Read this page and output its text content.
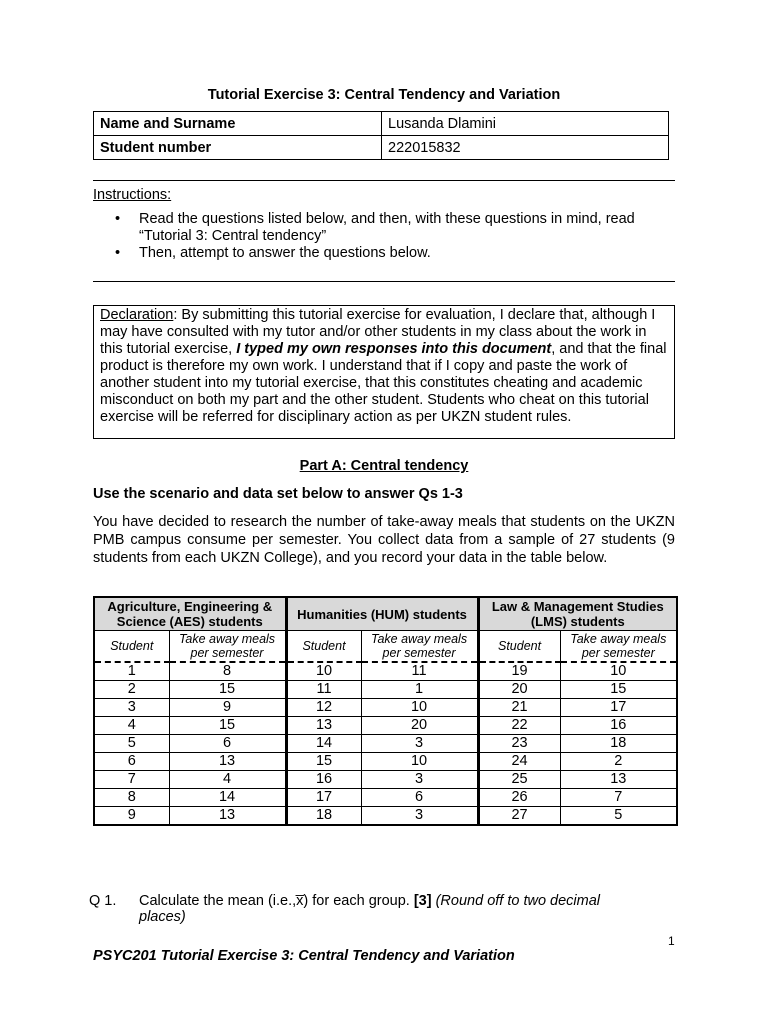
Tutorial Exercise 3: Central Tendency and Variation
Name and Surname	Lusanda Dlamini
Student number	222015832
Instructions:
• Read the questions listed below, and then, with these questions in mind, read “Tutorial 3: Central tendency”
• Then, attempt to answer the questions below.
Declaration: By submitting this tutorial exercise for evaluation, I declare that, although I may have consulted with my tutor and/or other students in my class about the work in this tutorial exercise, I typed my own responses into this document, and that the final product is therefore my own work. I understand that if I copy and paste the work of another student into my tutorial exercise, that this constitutes cheating and academic misconduct on both my part and the other student. Students who cheat on this tutorial exercise will be referred for disciplinary action as per UKZN student rules.
Part A: Central tendency
Use the scenario and data set below to answer Qs 1-3
You have decided to research the number of take-away meals that students on the UKZN PMB campus consume per semester. You collect data from a sample of 27 students (9 students from each UKZN College), and you record your data in the table below.
Agriculture, Engineering & Science (AES) students		Humanities (HUM) students		Law & Management Studies (LMS) students	
Student	Take away meals per semester	Student	Take away meals per semester	Student	Take away meals per semester
1	8	10	11	19	10
2	15	11	1	20	15
3	9	12	10	21	17
4	15	13	20	22	16
5	6	14	3	23	18
6	13	15	10	24	2
7	4	16	3	25	13
8	14	17	6	26	7
9	13	18	3	27	5
Q 1. Calculate the mean (i.e.,x̅) for each group. [3] (Round off to two decimal places)
1
PSYC201 Tutorial Exercise 3: Central Tendency and Variation
